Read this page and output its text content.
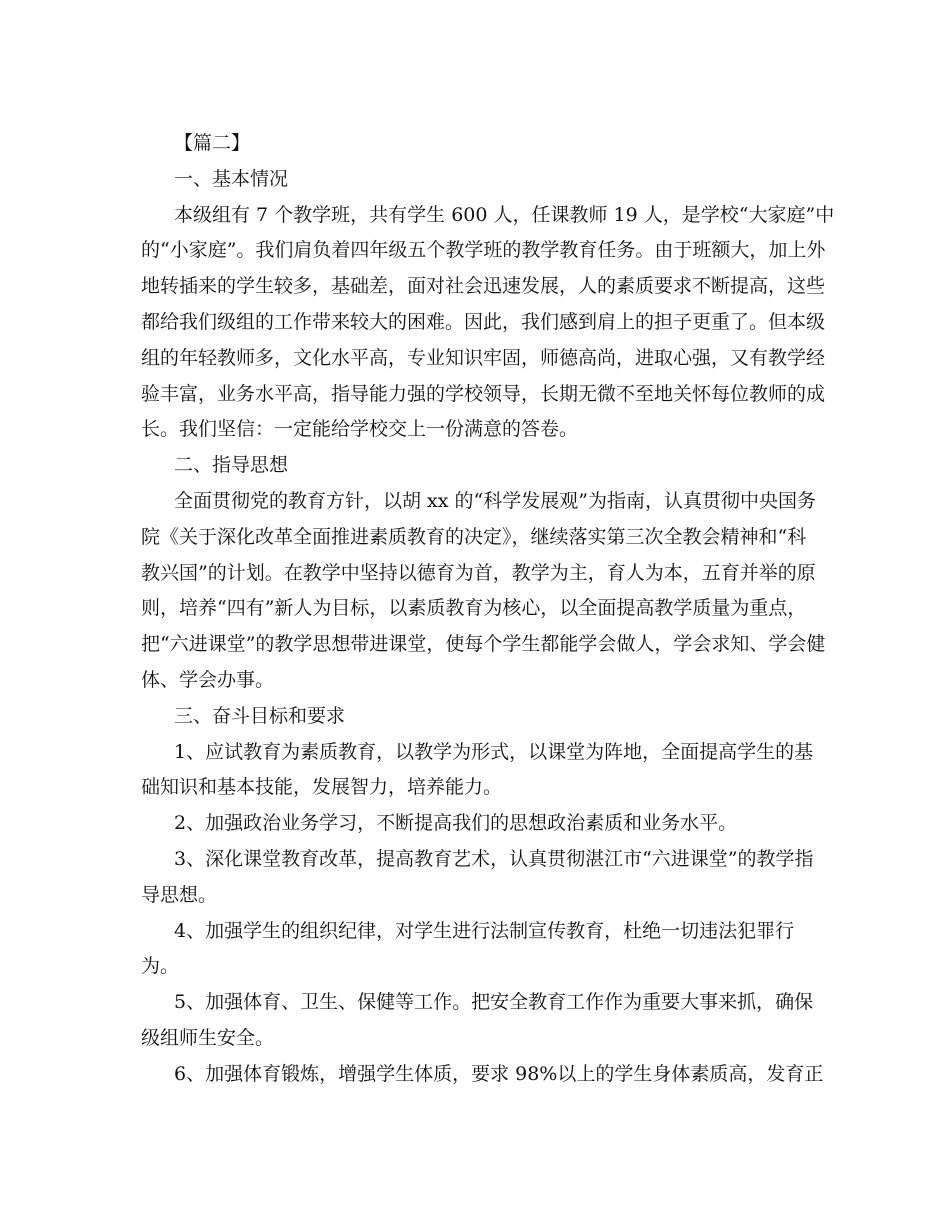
【篇二】
一、基本情况
本级组有 7 个教学班，共有学生 600 人，任课教师 19 人，是学校“大家庭”中
的“小家庭”。我们肩负着四年级五个教学班的教学教育任务。由于班额大，加上外
地转插来的学生较多，基础差，面对社会迅速发展，人的素质要求不断提高，这些
都给我们级组的工作带来较大的困难。因此，我们感到肩上的担子更重了。但本级
组的年轻教师多，文化水平高，专业知识牢固，师德高尚，进取心强，又有教学经
验丰富，业务水平高，指导能力强的学校领导，长期无微不至地关怀每位教师的成
长。我们坚信：一定能给学校交上一份满意的答卷。
二、指导思想
全面贯彻党的教育方针，以胡 xx 的“科学发展观”为指南，认真贯彻中央国务
院《关于深化改革全面推进素质教育的决定》，继续落实第三次全教会精神和“科
教兴国”的计划。在教学中坚持以德育为首，教学为主，育人为本，五育并举的原
则，培养“四有”新人为目标，以素质教育为核心，以全面提高教学质量为重点，
把“六进课堂”的教学思想带进课堂，使每个学生都能学会做人，学会求知、学会健
体、学会办事。
三、奋斗目标和要求
1、应试教育为素质教育，以教学为形式，以课堂为阵地，全面提高学生的基
础知识和基本技能，发展智力，培养能力。
2、加强政治业务学习，不断提高我们的思想政治素质和业务水平。
3、深化课堂教育改革，提高教育艺术，认真贯彻湛江市“六进课堂”的教学指
导思想。
4、加强学生的组织纪律，对学生进行法制宣传教育，杜绝一切违法犯罪行
为。
5、加强体育、卫生、保健等工作。把安全教育工作作为重要大事来抓，确保
级组师生安全。
6、加强体育锻炼，增强学生体质，要求 98%以上的学生身体素质高，发育正
